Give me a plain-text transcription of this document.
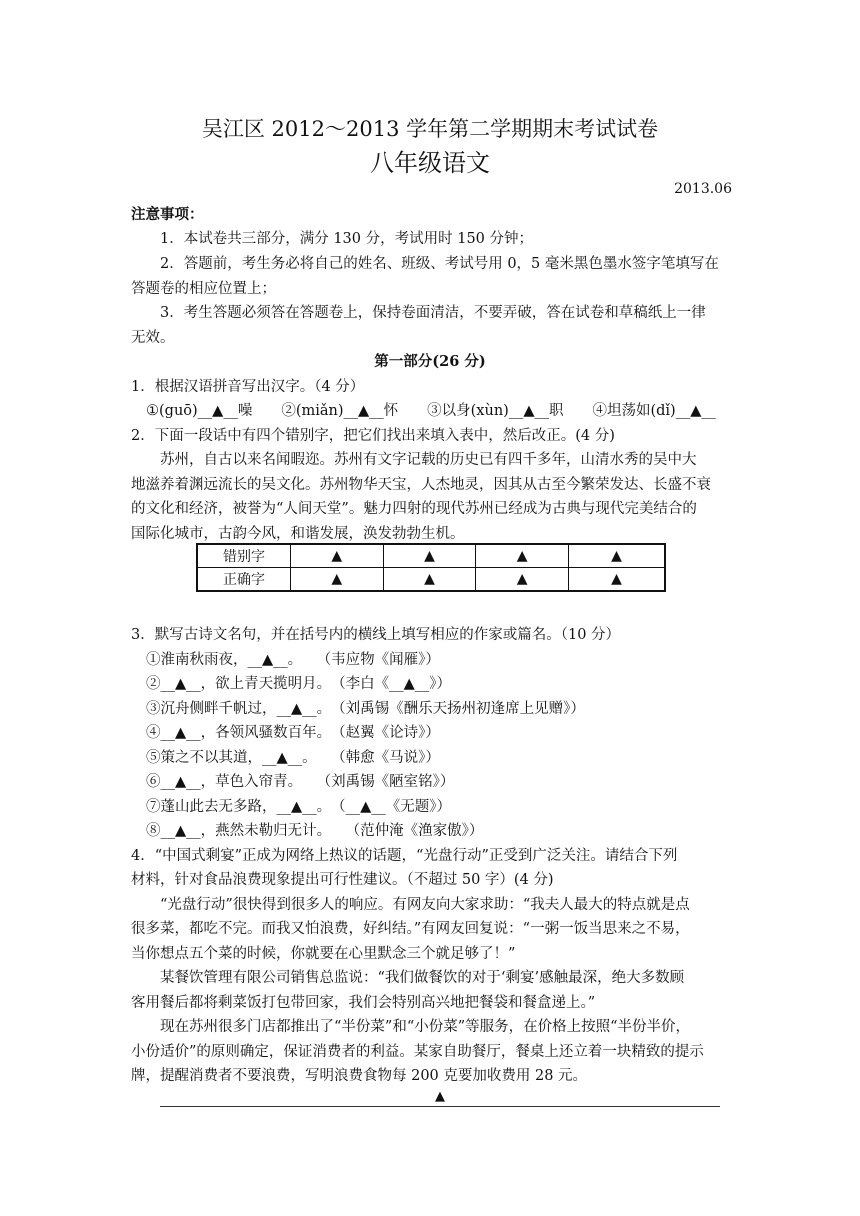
吴江区 2012～2013 学年第二学期期末考试试卷
八年级语文
2013.06
注意事项：
1．本试卷共三部分，满分 130 分，考试用时 150 分钟；
2．答题前，考生务必将自己的姓名、班级、考试号用 0，5 毫米黑色墨水签字笔填写在
答题卷的相应位置上；
3．考生答题必须答在答题卷上，保持卷面清洁，不要弄破，答在试卷和草稿纸上一律
无效。
第一部分(26 分)
1．根据汉语拼音写出汉字。（4 分）
①(guō)__▲__噪　　②(miǎn)__▲__怀　　③以身(xùn)__▲__职　　④坦荡如(dǐ)__▲__
2．下面一段话中有四个错别字，把它们找出来填入表中，然后改正。(4 分)
苏州，自古以来名闻暇迩。苏州有文字记载的历史已有四千多年，山清水秀的吴中大
地滋养着渊远流长的吴文化。苏州物华天宝，人杰地灵，因其从古至今繁荣发达、长盛不衰
的文化和经济，被誉为“人间天堂”。魅力四射的现代苏州已经成为古典与现代完美结合的
国际化城市，古韵今风，和谐发展，涣发勃勃生机。
错别字	▲	▲	▲	▲
正确字	▲	▲	▲	▲
3．默写古诗文名句，并在括号内的横线上填写相应的作家或篇名。（10 分）
①淮南秋雨夜，__▲__。　　（韦应物《闻雁》）
②__▲__，欲上青天揽明月。　（李白《__▲__》）
③沉舟侧畔千帆过，__▲__。　（刘禹锡《酬乐天扬州初逢席上见赠》）
④__▲__，各领风骚数百年。　（赵翼《论诗》）
⑤策之不以其道，__▲__。　　（韩愈《马说》）
⑥__▲__，草色入帘青。　　（刘禹锡《陋室铭》）
⑦蓬山此去无多路，__▲__。　（__▲__《无题》）
⑧__▲__，燕然未勒归无计。　　（范仲淹《渔家傲》）
4．“中国式剩宴”正成为网络上热议的话题，“光盘行动”正受到广泛关注。请结合下列
材料，针对食品浪费现象提出可行性建议。（不超过 50 字）(4 分)
“光盘行动”很快得到很多人的响应。有网友向大家求助：“我夫人最大的特点就是点
很多菜，都吃不完。而我又怕浪费，好纠结。”有网友回复说：“一粥一饭当思来之不易，
当你想点五个菜的时候，你就要在心里默念三个就足够了！”
某餐饮管理有限公司销售总监说：“我们做餐饮的对于‘剩宴’感触最深，绝大多数顾
客用餐后都将剩菜饭打包带回家，我们会特别高兴地把餐袋和餐盒递上。”
现在苏州很多门店都推出了“半份菜”和“小份菜”等服务，在价格上按照“半份半价，
小份适价”的原则确定，保证消费者的利益。某家自助餐厅，餐桌上还立着一块精致的提示
牌，提醒消费者不要浪费，写明浪费食物每 200 克要加收费用 28 元。
▲
